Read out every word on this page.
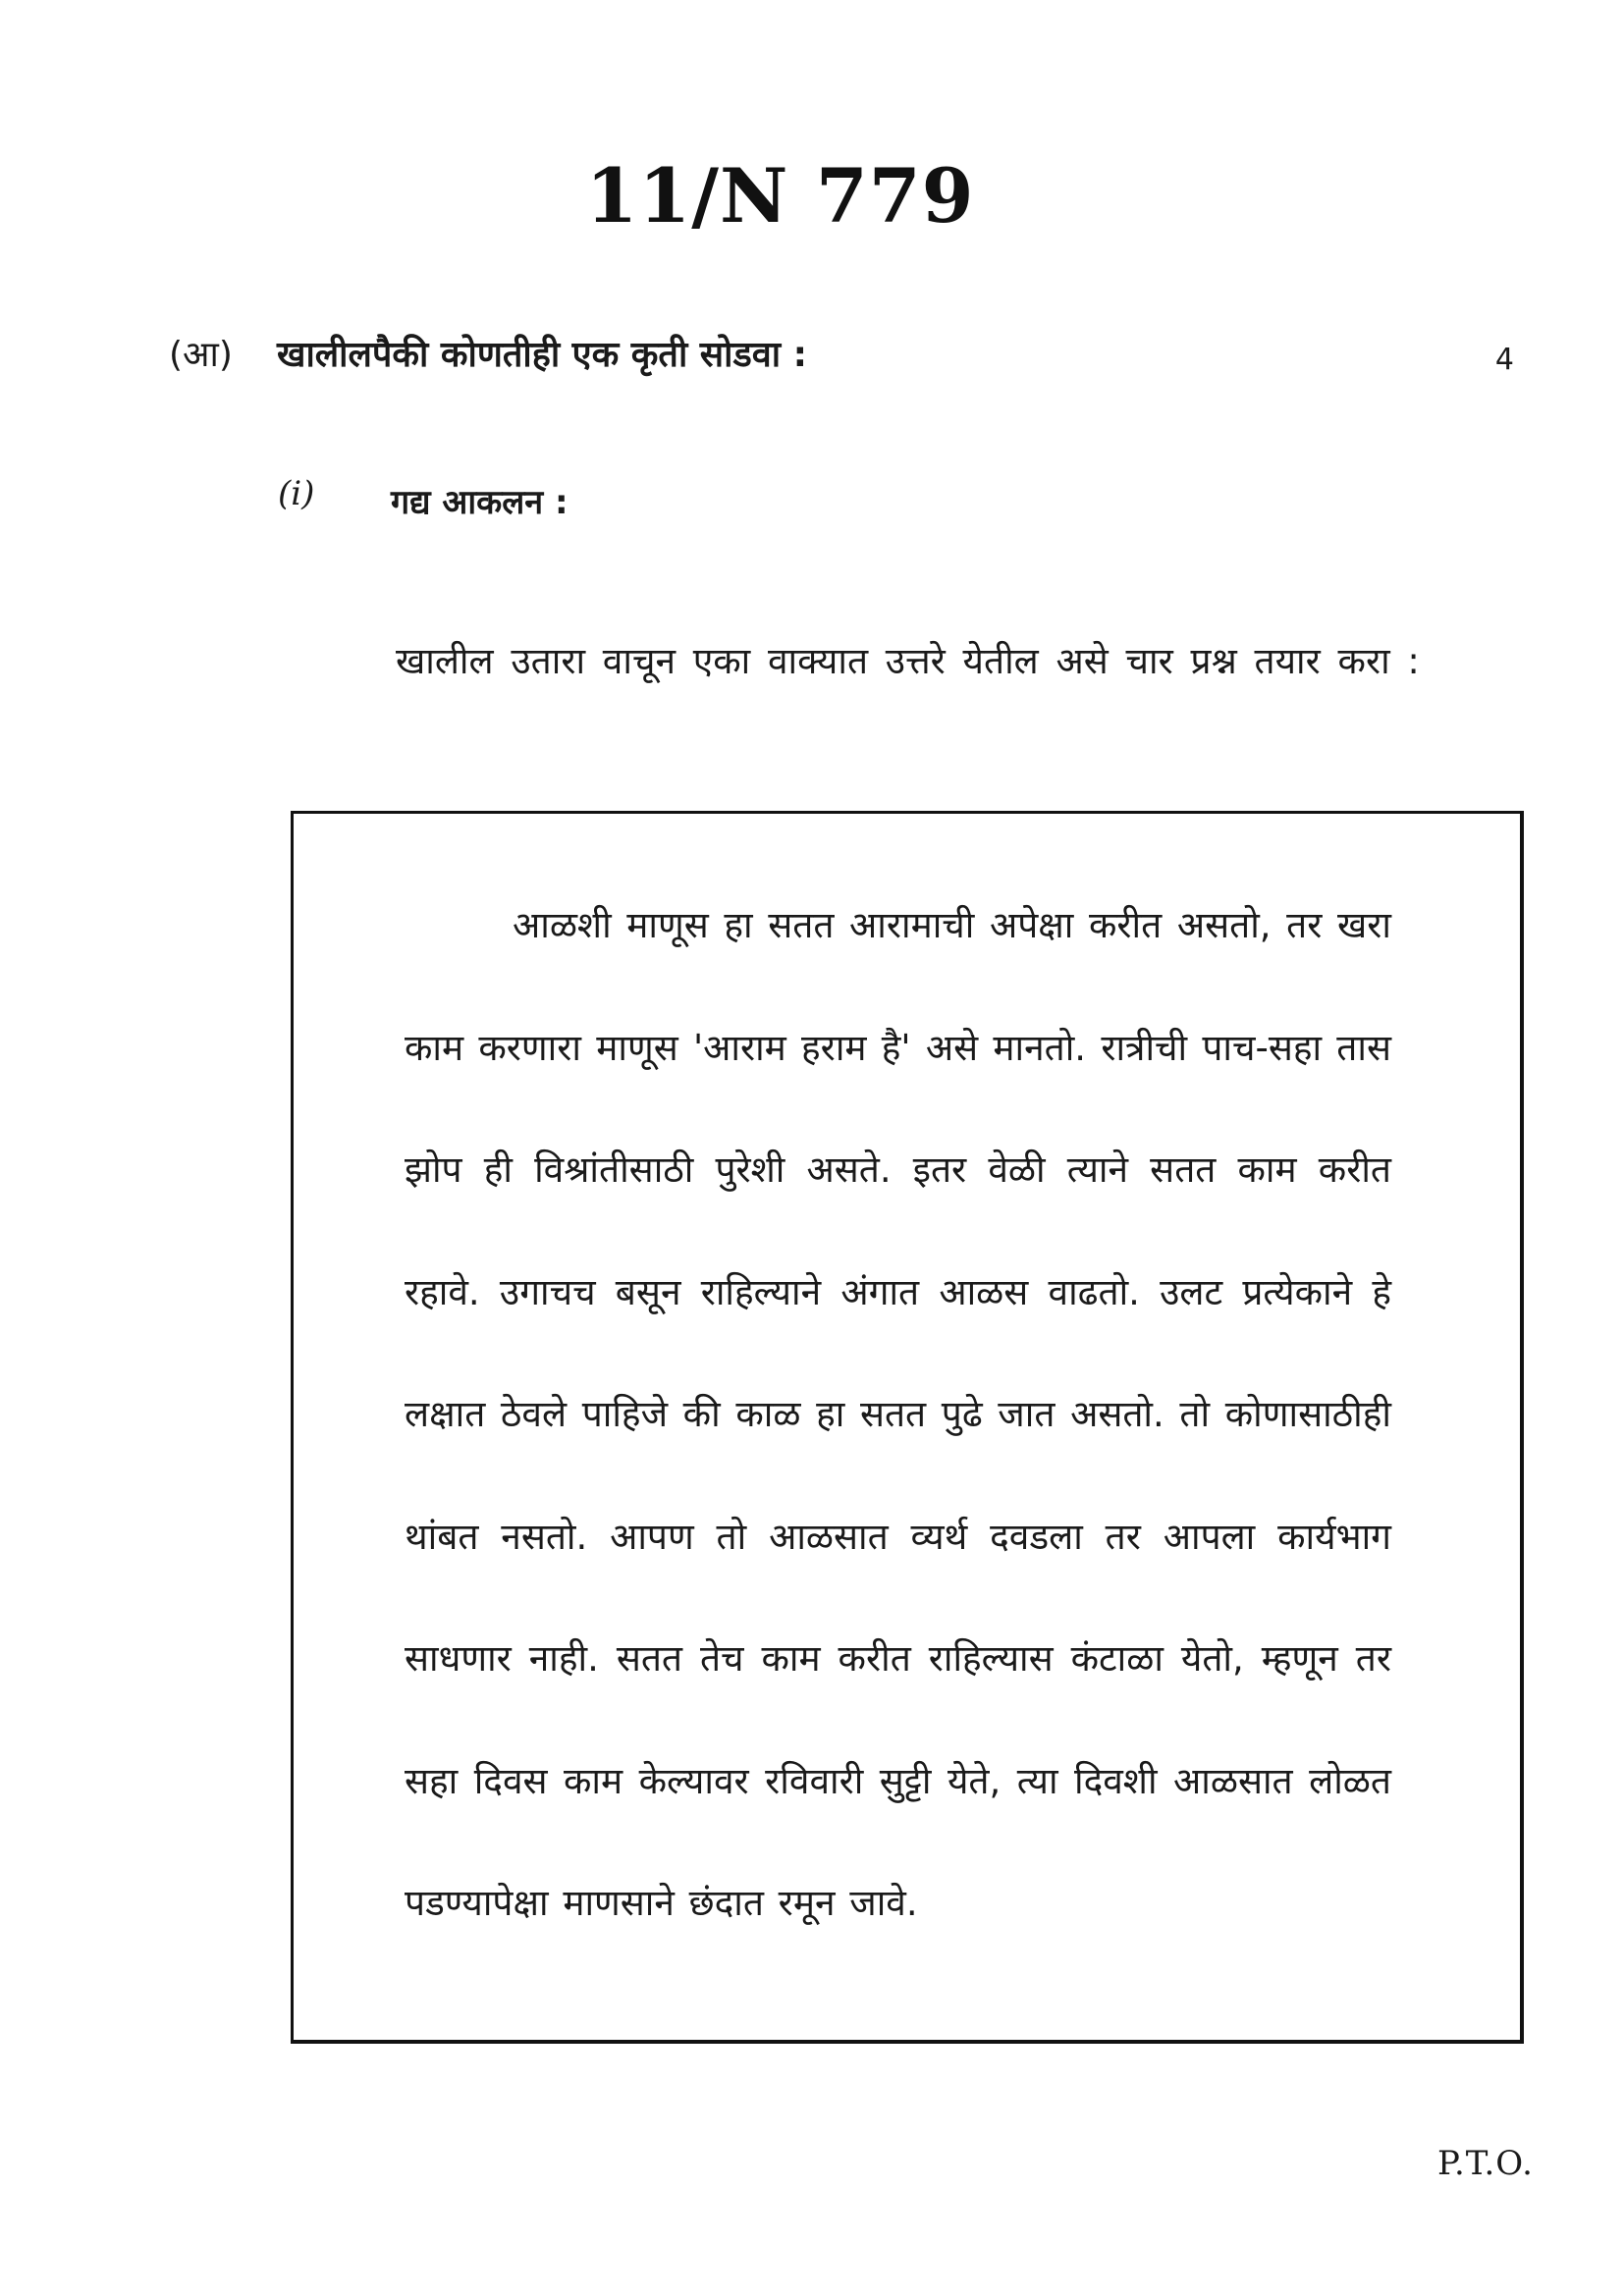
11/N 779
(आ) खालीलपैकी कोणतीही एक कृती सोडवा :	4
(i) गद्य आकलन :
खालील उतारा वाचून एका वाक्यात उत्तरे येतील असे चार प्रश्न तयार करा :
आळशी माणूस हा सतत आरामाची अपेक्षा करीत असतो, तर खरा काम करणारा माणूस 'आराम हराम है' असे मानतो. रात्रीची पाच-सहा तास झोप ही विश्रांतीसाठी पुरेशी असते. इतर वेळी त्याने सतत काम करीत रहावे. उगाचच बसून राहिल्याने अंगात आळस वाढतो. उलट प्रत्येकाने हे लक्षात ठेवले पाहिजे की काळ हा सतत पुढे जात असतो. तो कोणासाठीही थांबत नसतो. आपण तो आळसात व्यर्थ दवडला तर आपला कार्यभाग साधणार नाही. सतत तेच काम करीत राहिल्यास कंटाळा येतो, म्हणून तर सहा दिवस काम केल्यावर रविवारी सुट्टी येते, त्या दिवशी आळसात लोळत पडण्यापेक्षा माणसाने छंदात रमून जावे.
P.T.O.
